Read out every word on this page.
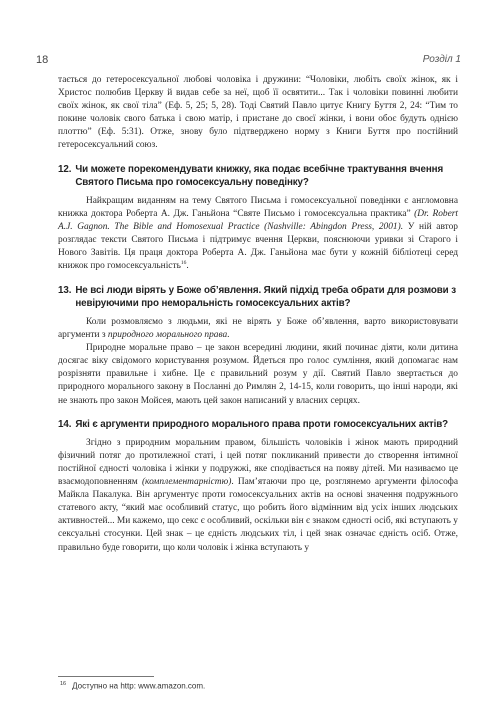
18	Розділ 1

тається до гетеросексуальної любові чоловіка і дружини: “Чоловіки, любіть своїх жінок, як і Христос полюбив Церкву й видав себе за неї, щоб її освятити... Так і чоловіки повинні любити своїх жінок, як свої тіла” (Еф. 5, 25; 5, 28). Тоді Святий Павло цитує Книгу Буття 2, 24: “Тим то покине чоловік свого батька і свою матір, і пристане до своєї жінки, і вони обоє будуть однією плоттю” (Еф. 5:31). Отже, знову було підтверджено норму з Книги Буття про постійний гетеросексуальний союз.

12. Чи можете порекомендувати книжку, яка подає всебічне трактування вчення Святого Письма про гомосексуальну поведінку?

Найкращим виданням на тему Святого Письма і гомосексуальної поведінки є англомовна книжка доктора Роберта А. Дж. Ганьйона “Святе Письмо і гомосексуальна практика” (Dr. Robert A.J. Gagnon. The Bible and Homosexual Practice (Nashville: Abingdon Press, 2001). У ній автор розглядає тексти Святого Письма і підтримує вчення Церкви, пояснюючи уривки зі Старого і Нового Завітів. Ця праця доктора Роберта А. Дж. Ганьйона має бути у кожній бібліотеці серед книжок про гомосексуальність$^{16}$.

13. Не всі люди вірять у Боже об’явлення. Який підхід треба обрати для розмови з невіруючими про неморальність гомосексуальних актів?

Коли розмовляємо з людьми, які не вірять у Боже об’явлення, варто використовувати аргументи з природного морального права.

Природне моральне право – це закон всередині людини, який починає діяти, коли дитина досягає віку свідомого користування розумом. Йдеться про голос сумління, який допомагає нам розрізняти правильне і хибне. Це є правильний розум у дії. Святий Павло звертається до природного морального закону в Посланні до Римлян 2, 14-15, коли говорить, що інші народи, які не знають про закон Мойсея, мають цей закон написаний у власних серцях.

14. Які є аргументи природного морального права проти гомосексуальних актів?

Згідно з природним моральним правом, більшість чоловіків і жінок мають природний фізичний потяг до протилежної статі, і цей потяг покликаний привести до створення інтимної постійної єдності чоловіка і жінки у подружжі, яке сподівається на появу дітей. Ми називаємо це взаємодоповненням (комплементарністю). Пам’ятаючи про це, розглянемо аргументи філософа Майкла Пакалука. Він аргументує проти гомосексуальних актів на основі значення подружнього статевого акту, “який має особливий статус, що робить його відмінним від усіх інших людських активностей... Ми кажемо, що секс є особливий, оскільки він є знаком єдності осіб, які вступають у сексуальні стосунки. Цей знак – це єдність людських тіл, і цей знак означає єдність осіб. Отже, правильно буде говорити, що коли чоловік і жінка вступають у

$^{16}$ Доступно на http: www.amazon.com.
